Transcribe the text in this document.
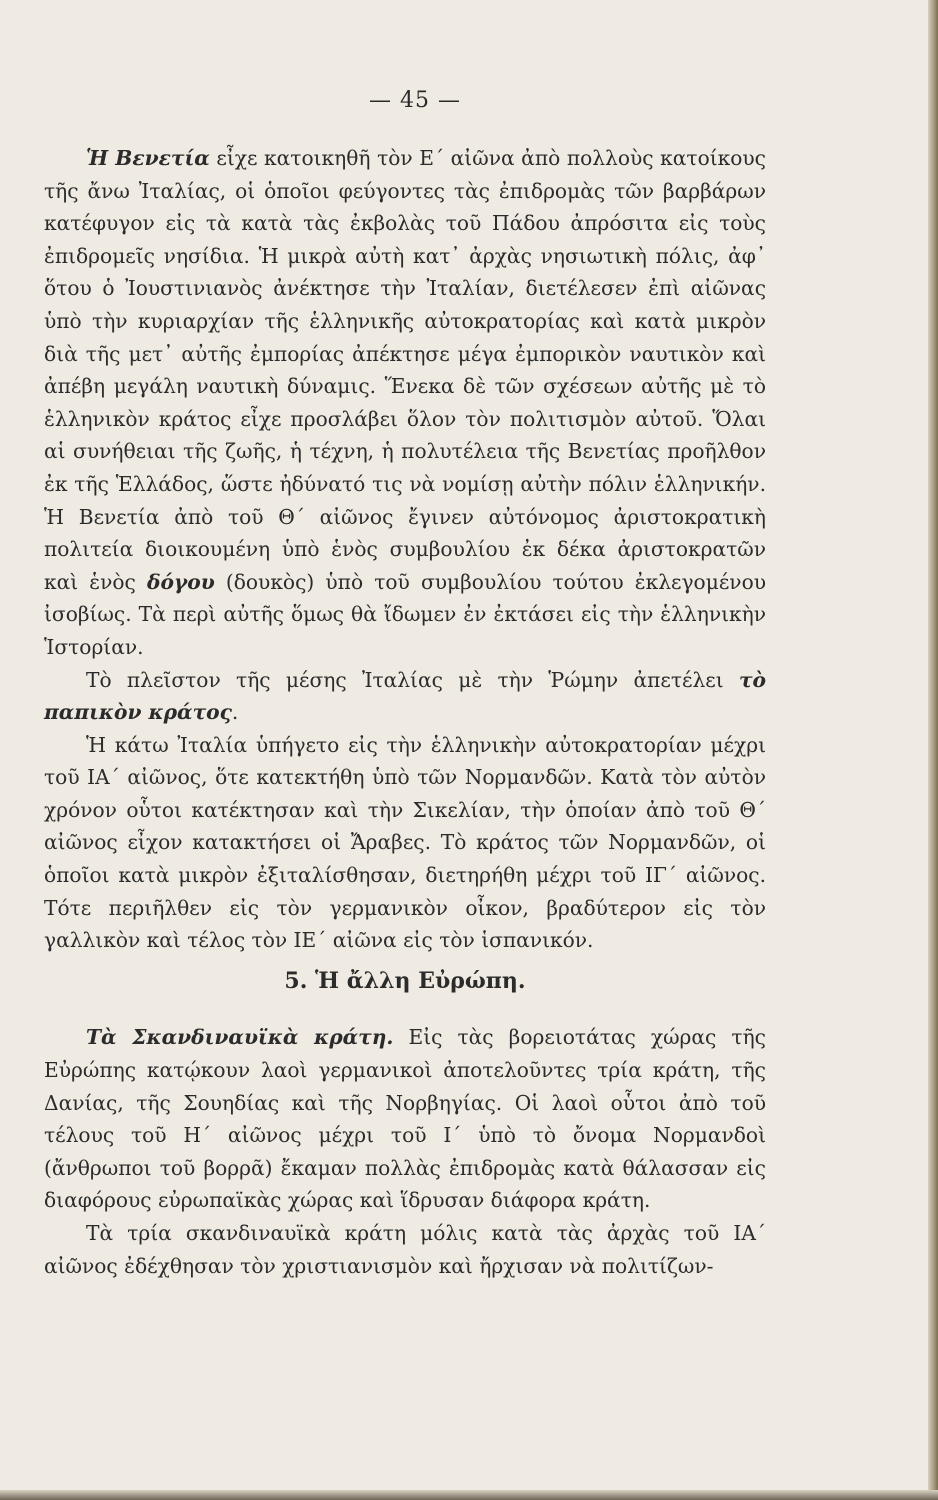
— 45 —

Ἡ Βενετία εἶχε κατοικηθῆ τὸν Ε΄ αἰῶνα ἀπὸ πολλοὺς κατοίκους τῆς ἄνω Ἰταλίας, οἱ ὁποῖοι φεύγοντες τὰς ἐπιδρομὰς τῶν βαρβάρων κατέφυγον εἰς τὰ κατὰ τὰς ἐκβολὰς τοῦ Πάδου ἀπρόσιτα εἰς τοὺς ἐπιδρομεῖς νησίδια. Ἡ μικρὰ αὐτὴ κατ᾽ ἀρχὰς νησιωτικὴ πόλις, ἀφ᾽ ὅτου ὁ Ἰουστινιανὸς ἀνέκτησε τὴν Ἰταλίαν, διετέλεσεν ἐπὶ αἰῶνας ὑπὸ τὴν κυριαρχίαν τῆς ἑλληνικῆς αὐτοκρατορίας καὶ κατὰ μικρὸν διὰ τῆς μετ᾽ αὐτῆς ἐμπορίας ἀπέκτησε μέγα ἐμπορικὸν ναυτικὸν καὶ ἀπέβη μεγάλη ναυτικὴ δύναμις. Ἕνεκα δὲ τῶν σχέσεων αὐτῆς μὲ τὸ ἑλληνικὸν κράτος εἶχε προσλάβει ὅλον τὸν πολιτισμὸν αὐτοῦ. Ὅλαι αἱ συνήθειαι τῆς ζωῆς, ἡ τέχνη, ἡ πολυτέλεια τῆς Βενετίας προῆλθον ἐκ τῆς Ἑλλάδος, ὥστε ἠδύνατό τις νὰ νομίσῃ αὐτὴν πόλιν ἑλληνικήν. Ἡ Βενετία ἀπὸ τοῦ Θ΄ αἰῶνος ἔγινεν αὐτόνομος ἀριστοκρατικὴ πολιτεία διοικουμένη ὑπὸ ἑνὸς συμβουλίου ἐκ δέκα ἀριστοκρατῶν καὶ ἑνὸς δόγου (δουκὸς) ὑπὸ τοῦ συμβουλίου τούτου ἐκλεγομένου ἰσοβίως. Τὰ περὶ αὐτῆς ὅμως θὰ ἴδωμεν ἐν ἐκτάσει εἰς τὴν ἑλληνικὴν Ἱστορίαν.

Τὸ πλεῖστον τῆς μέσης Ἰταλίας μὲ τὴν Ῥώμην ἀπετέλει τὸ παπικὸν κράτος.

Ἡ κάτω Ἰταλία ὑπήγετο εἰς τὴν ἑλληνικὴν αὐτοκρατορίαν μέχρι τοῦ ΙΑ΄ αἰῶνος, ὅτε κατεκτήθη ὑπὸ τῶν Νορμανδῶν. Κατὰ τὸν αὐτὸν χρόνον οὗτοι κατέκτησαν καὶ τὴν Σικελίαν, τὴν ὁποίαν ἀπὸ τοῦ Θ΄ αἰῶνος εἶχον κατακτήσει οἱ Ἄραβες. Τὸ κράτος τῶν Νορμανδῶν, οἱ ὁποῖοι κατὰ μικρὸν ἐξιταλίσθησαν, διετηρήθη μέχρι τοῦ ΙΓ΄ αἰῶνος. Τότε περιῆλθεν εἰς τὸν γερμανικὸν οἶκον, βραδύτερον εἰς τὸν γαλλικὸν καὶ τέλος τὸν ΙΕ΄ αἰῶνα εἰς τὸν ἱσπανικόν.

5. Ἡ ἄλλη Εὐρώπη.

Τὰ Σκανδιναυϊκὰ κράτη. Εἰς τὰς βορειοτάτας χώρας τῆς Εὐρώπης κατῴκουν λαοὶ γερμανικοὶ ἀποτελοῦντες τρία κράτη, τῆς Δανίας, τῆς Σουηδίας καὶ τῆς Νορβηγίας. Οἱ λαοὶ οὗτοι ἀπὸ τοῦ τέλους τοῦ Η΄ αἰῶνος μέχρι τοῦ Ι΄ ὑπὸ τὸ ὄνομα Νορμανδοὶ (ἄνθρωποι τοῦ βορρᾶ) ἔκαμαν πολλὰς ἐπιδρομὰς κατὰ θάλασσαν εἰς διαφόρους εὐρωπαϊκὰς χώρας καὶ ἵδρυσαν διάφορα κράτη.

Τὰ τρία σκανδιναυϊκὰ κράτη μόλις κατὰ τὰς ἀρχὰς τοῦ ΙΑ΄ αἰῶνος ἐδέχθησαν τὸν χριστιανισμὸν καὶ ἤρχισαν νὰ πολιτίζων-
